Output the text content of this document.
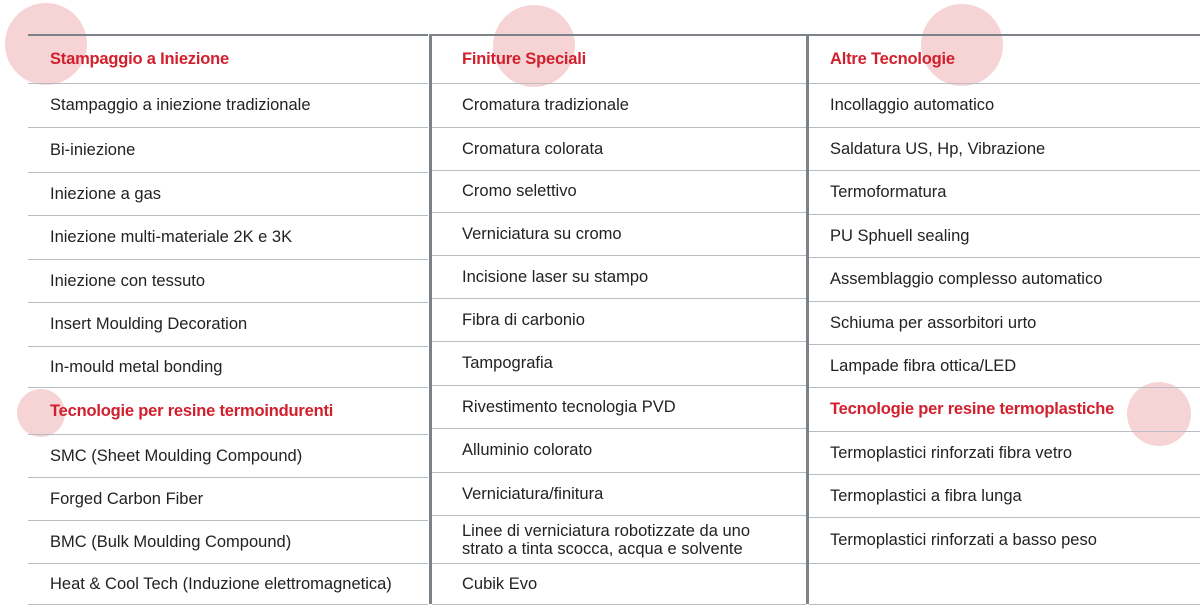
Stampaggio a Iniezione
Stampaggio a iniezione tradizionale
Bi-iniezione
Iniezione a gas
Iniezione multi-materiale 2K e 3K
Iniezione con tessuto
Insert Moulding Decoration
In-mould metal bonding
Tecnologie per resine termoindurenti
SMC (Sheet Moulding Compound)
Forged Carbon Fiber
BMC (Bulk Moulding Compound)
Heat & Cool Tech (Induzione elettromagnetica)
Finiture Speciali
Cromatura tradizionale
Cromatura colorata
Cromo selettivo
Verniciatura su cromo
Incisione laser su stampo
Fibra di carbonio
Tampografia
Rivestimento tecnologia PVD
Alluminio colorato
Verniciatura/finitura
Linee di verniciatura robotizzate da uno strato a tinta scocca, acqua e solvente
Cubik Evo
Altre Tecnologie
Incollaggio automatico
Saldatura US, Hp, Vibrazione
Termoformatura
PU Sphuell sealing
Assemblaggio complesso automatico
Schiuma per assorbitori urto
Lampade fibra ottica/LED
Tecnologie per resine termoplastiche
Termoplastici rinforzati fibra vetro
Termoplastici a fibra lunga
Termoplastici rinforzati a basso peso
